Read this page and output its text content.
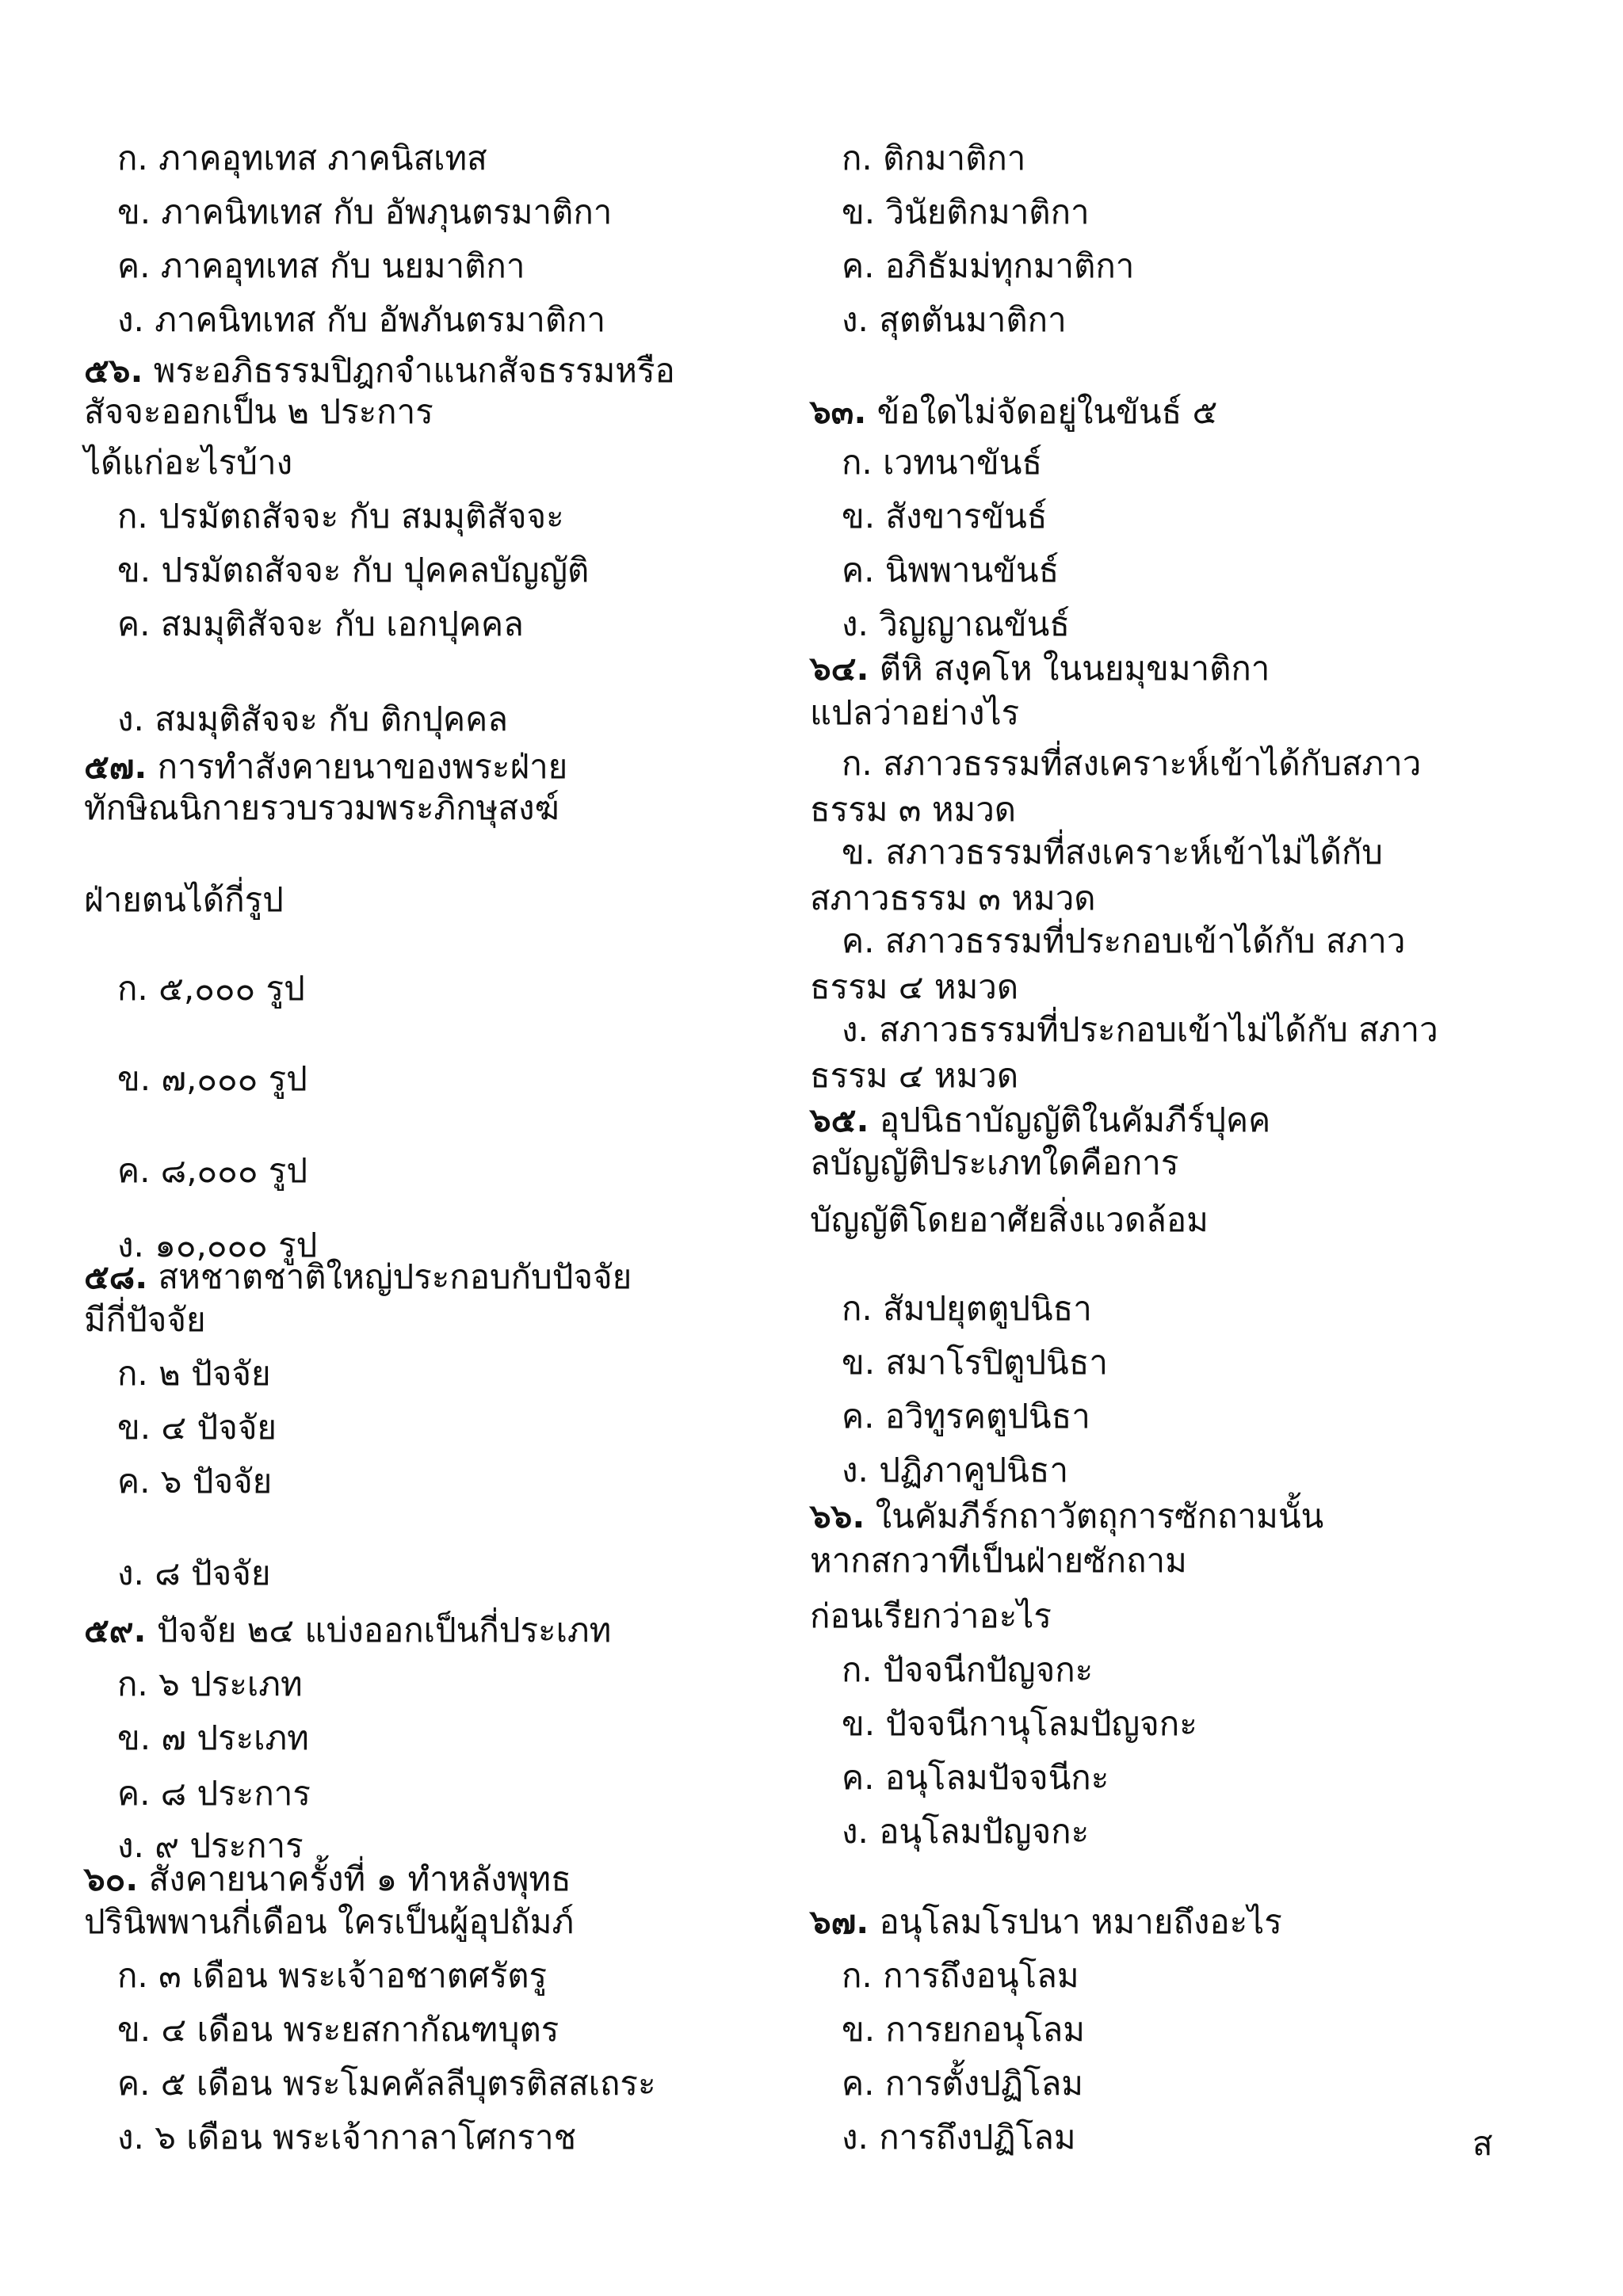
ก. ภาคอุทเทส ภาคนิสเทส
ข. ภาคนิทเทส กับ อัพภุนตรมาติกา
ค. ภาคอุทเทส กับ นยมาติกา
ง. ภาคนิทเทส กับ อัพภันตรมาติกา
๕๖. พระอภิธรรมปิฎกจำแนกสัจธรรมหรือ
สัจจะออกเป็น ๒ ประการ
ได้แก่อะไรบ้าง
ก. ปรมัตถสัจจะ กับ สมมุติสัจจะ
ข. ปรมัตถสัจจะ กับ ปุคคลบัญญัติ
ค. สมมุติสัจจะ กับ เอกปุคคล
ง. สมมุติสัจจะ กับ ติกปุคคล
๕๗. การทำสังคายนาของพระฝ่าย
ทักษิณนิกายรวบรวมพระภิกษุสงฆ์
ฝ่ายตนได้กี่รูป
ก. ๕,๐๐๐ รูป
ข. ๗,๐๐๐ รูป
ค. ๘,๐๐๐ รูป
ง. ๑๐,๐๐๐ รูป
๕๘. สหชาตชาติใหญ่ประกอบกับปัจจัย
มีกี่ปัจจัย
ก. ๒ ปัจจัย
ข. ๔ ปัจจัย
ค. ๖ ปัจจัย
ง. ๘ ปัจจัย
๕๙. ปัจจัย ๒๔ แบ่งออกเป็นกี่ประเภท
ก. ๖ ประเภท
ข. ๗ ประเภท
ค. ๘ ประการ
ง. ๙ ประการ
๖๐. สังคายนาครั้งที่ ๑ ทำหลังพุทธ
ปรินิพพานกี่เดือน ใครเป็นผู้อุปถัมภ์
ก. ๓ เดือน พระเจ้าอชาตศรัตรู
ข. ๔ เดือน พระยสกากัณฑบุตร
ค. ๕ เดือน พระโมคคัลลีบุตรติสสเถระ
ง. ๖ เดือน พระเจ้ากาลาโศกราช
ก. ติกมาติกา
ข. วินัยติกมาติกา
ค. อภิธัมม่ทุกมาติกา
ง. สุตตันมาติกา
๖๓. ข้อใดไม่จัดอยู่ในขันธ์ ๕
ก. เวทนาขันธ์
ข. สังขารขันธ์
ค. นิพพานขันธ์
ง. วิญญาณขันธ์
๖๔. ตีหิ สงฺคโห ในนยมุขมาติกา
แปลว่าอย่างไร
ก. สภาวธรรมที่สงเคราะห์เข้าได้กับสภาว
ธรรม ๓ หมวด
ข. สภาวธรรมที่สงเคราะห์เข้าไม่ได้กับ
สภาวธรรม ๓ หมวด
ค. สภาวธรรมที่ประกอบเข้าได้กับ สภาว
ธรรม ๔ หมวด
ง. สภาวธรรมที่ประกอบเข้าไม่ได้กับ สภาว
ธรรม ๔ หมวด
๖๕. อุปนิธาบัญญัติในคัมภีร์ปุคค
ลบัญญัติประเภทใดคือการ
บัญญัติโดยอาศัยสิ่งแวดล้อม
ก. สัมปยุตตูปนิธา
ข. สมาโรปิตูปนิธา
ค. อวิทูรคตูปนิธา
ง. ปฏิภาคูปนิธา
๖๖. ในคัมภีร์กถาวัตถุการซักถามนั้น
หากสกวาทีเป็นฝ่ายซักถาม
ก่อนเรียกว่าอะไร
ก. ปัจจนีกปัญจกะ
ข. ปัจจนีกานุโลมปัญจกะ
ค. อนุโลมปัจจนีกะ
ง. อนุโลมปัญจกะ
๖๗. อนุโลมโรปนา หมายถึงอะไร
ก. การถึงอนุโลม
ข. การยกอนุโลม
ค. การตั้งปฏิโลม
ง. การถึงปฏิโลม	ส
